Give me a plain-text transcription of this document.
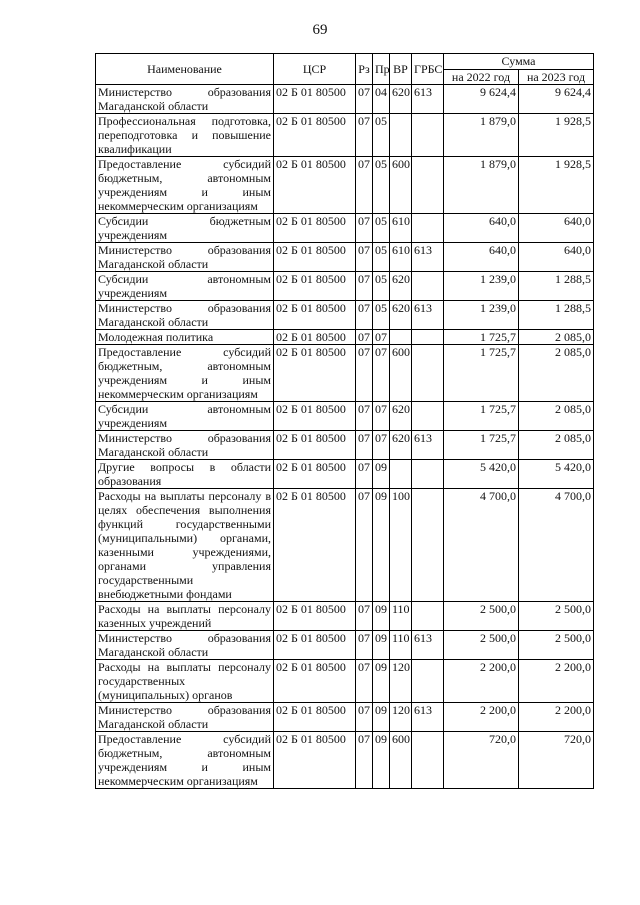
69
Наименование	ЦСР	Рз	Пр	ВР	ГРБС	Сумма	
						на 2022 год	на 2023 год
Министерство образования Магаданской области	02 Б 01 80500	07	04	620	613	9 624,4	9 624,4
Профессиональная подготовка, переподготовка и повышение квалификации	02 Б 01 80500	07	05			1 879,0	1 928,5
Предоставление субсидий бюджетным, автономным учреждениям и иным некоммерческим организациям	02 Б 01 80500	07	05	600		1 879,0	1 928,5
Субсидии бюджетным учреждениям	02 Б 01 80500	07	05	610		640,0	640,0
Министерство образования Магаданской области	02 Б 01 80500	07	05	610	613	640,0	640,0
Субсидии автономным учреждениям	02 Б 01 80500	07	05	620		1 239,0	1 288,5
Министерство образования Магаданской области	02 Б 01 80500	07	05	620	613	1 239,0	1 288,5
Молодежная политика	02 Б 01 80500	07	07			1 725,7	2 085,0
Предоставление субсидий бюджетным, автономным учреждениям и иным некоммерческим организациям	02 Б 01 80500	07	07	600		1 725,7	2 085,0
Субсидии автономным учреждениям	02 Б 01 80500	07	07	620		1 725,7	2 085,0
Министерство образования Магаданской области	02 Б 01 80500	07	07	620	613	1 725,7	2 085,0
Другие вопросы в области образования	02 Б 01 80500	07	09			5 420,0	5 420,0
Расходы на выплаты персоналу в целях обеспечения выполнения функций государственными (муниципальными) органами, казенными учреждениями, органами управления государственными внебюджетными фондами	02 Б 01 80500	07	09	100		4 700,0	4 700,0
Расходы на выплаты персоналу казенных учреждений	02 Б 01 80500	07	09	110		2 500,0	2 500,0
Министерство образования Магаданской области	02 Б 01 80500	07	09	110	613	2 500,0	2 500,0
Расходы на выплаты персоналу государственных (муниципальных) органов	02 Б 01 80500	07	09	120		2 200,0	2 200,0
Министерство образования Магаданской области	02 Б 01 80500	07	09	120	613	2 200,0	2 200,0
Предоставление субсидий бюджетным, автономным учреждениям и иным некоммерческим организациям	02 Б 01 80500	07	09	600		720,0	720,0
